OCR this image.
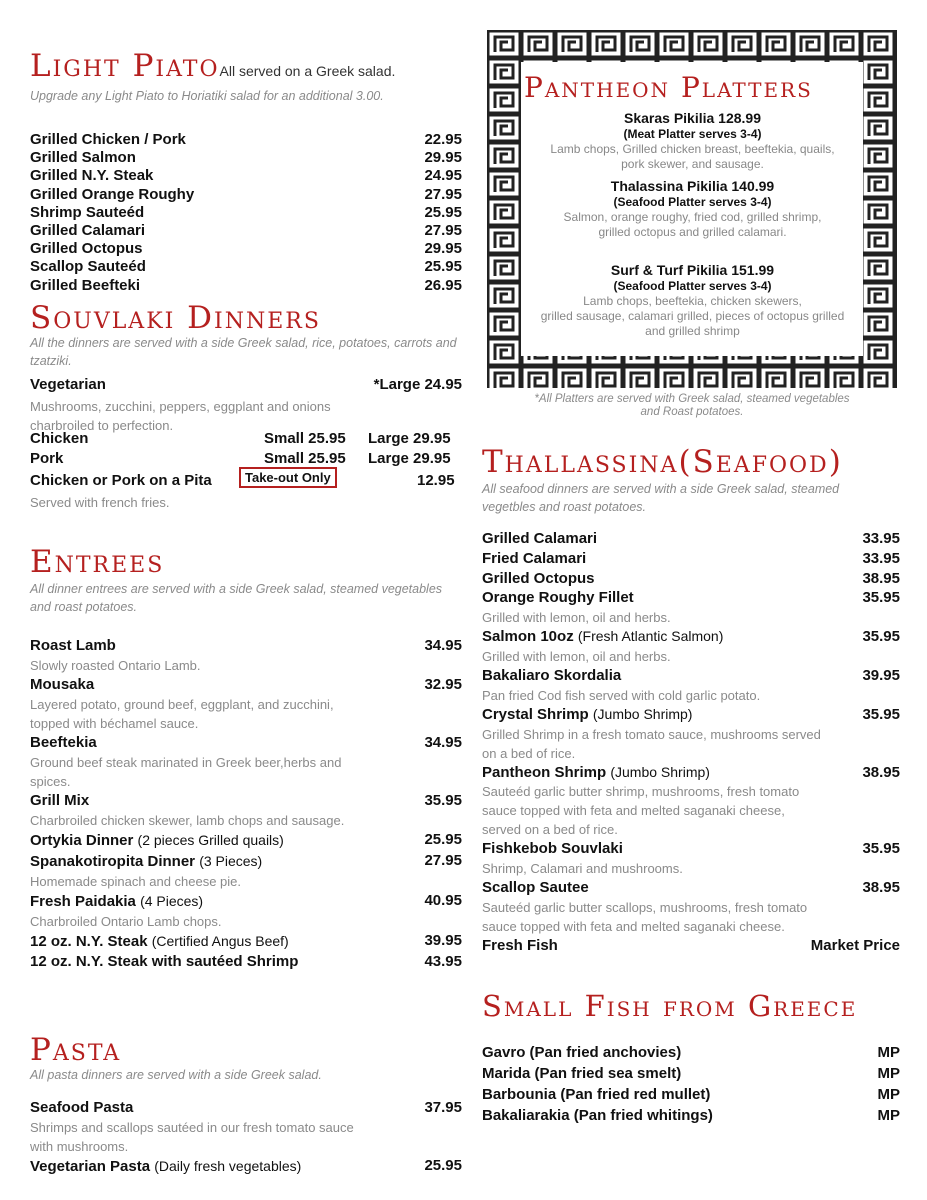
Light PiatoAll served on a Greek salad.
Upgrade any Light Piato to Horiatiki salad for an additional 3.00.
Grilled Chicken / Pork	22.95
Grilled Salmon	29.95
Grilled N.Y. Steak	24.95
Grilled Orange Roughy	27.95
Shrimp Sauteéd	25.95
Grilled Calamari	27.95
Grilled Octopus	29.95
Scallop Sauteéd	25.95
Grilled Beefteki	26.95
Souvlaki Dinners
All the dinners are served with a side Greek salad, rice, potatoes, carrots and tzatziki.
Vegetarian	*Large 24.95
Mushrooms, zucchini, peppers, eggplant and onions charbroiled to perfection.
Chicken	Small 25.95 Large 29.95
Pork	Small 25.95 Large 29.95
Chicken or Pork on a Pita	Take-out Only	12.95
Served with french fries.
Entrees
All dinner entrees are served with a side Greek salad, steamed vegetables and roast potatoes.
Roast Lamb	34.95
Slowly roasted Ontario Lamb.
Mousaka	32.95
Layered potato, ground beef, eggplant, and zucchini, topped with béchamel sauce.
Beeftekia	34.95
Ground beef steak marinated in Greek beer,herbs and spices.
Grill Mix	35.95
Charbroiled chicken skewer, lamb chops and sausage.
Ortykia Dinner (2 pieces Grilled quails)	25.95
Spanakotiropita Dinner (3 Pieces)	27.95
Homemade spinach and cheese pie.
Fresh Paidakia (4 Pieces)	40.95
Charbroiled Ontario Lamb chops.
12 oz. N.Y. Steak (Certified Angus Beef)	39.95
12 oz. N.Y. Steak with sautéed Shrimp	43.95
Pasta
All pasta dinners are served with a side Greek salad.
Seafood Pasta	37.95
Shrimps and scallops sautéed in our fresh tomato sauce with mushrooms.
Vegetarian Pasta (Daily fresh vegetables)	25.95
Pantheon Platters
Skaras Pikilia 128.99
(Meat Platter serves 3-4)
Lamb chops, Grilled chicken breast, beeftekia, quails,
pork skewer, and sausage.
Thalassina Pikilia 140.99
(Seafood Platter serves 3-4)
Salmon, orange roughy, fried cod, grilled shrimp,
grilled octopus and grilled calamari.
Surf & Turf Pikilia 151.99
(Seafood Platter serves 3-4)
Lamb chops, beeftekia, chicken skewers,
grilled sausage, calamari grilled, pieces of octopus grilled
and grilled shrimp
*All Platters are served with Greek salad, steamed vegetables
and Roast potatoes.
Thallassina(Seafood)
All seafood dinners are served with a side Greek salad, steamed vegetbles and roast potatoes.
Grilled Calamari	33.95
Fried Calamari	33.95
Grilled Octopus	38.95
Orange Roughy Fillet	35.95
Grilled with lemon, oil and herbs.
Salmon 10oz (Fresh Atlantic Salmon)	35.95
Grilled with lemon, oil and herbs.
Bakaliaro Skordalia	39.95
Pan fried Cod fish served with cold garlic potato.
Crystal Shrimp (Jumbo Shrimp)	35.95
Grilled Shrimp in a fresh tomato sauce, mushrooms served on a bed of rice.
Pantheon Shrimp (Jumbo Shrimp)	38.95
Sauteéd garlic butter shrimp, mushrooms, fresh tomato sauce topped with feta and melted saganaki cheese, served on a bed of rice.
Fishkebob Souvlaki	35.95
Shrimp, Calamari and mushrooms.
Scallop Sautee	38.95
Sauteéd garlic butter scallops, mushrooms, fresh tomato sauce topped with feta and melted saganaki cheese.
Fresh Fish	Market Price
Small Fish from Greece
Gavro (Pan fried anchovies)	MP
Marida (Pan fried sea smelt)	MP
Barbounia (Pan fried red mullet)	MP
Bakaliarakia (Pan fried whitings)	MP
